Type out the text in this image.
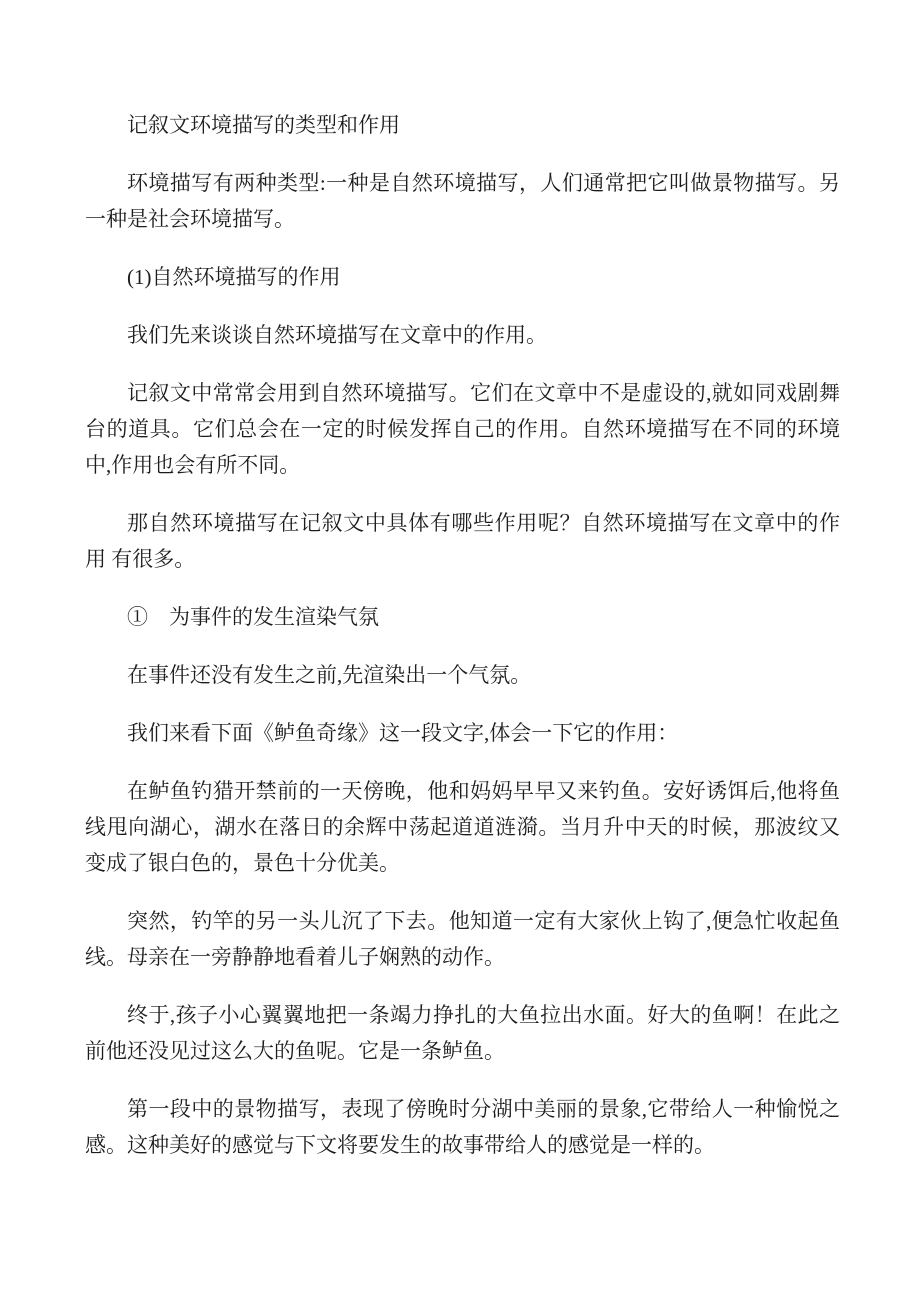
记叙文环境描写的类型和作用

环境描写有两种类型:一种是自然环境描写，人们通常把它叫做景物描写。另一种是社会环境描写。

(1)自然环境描写的作用

我们先来谈谈自然环境描写在文章中的作用。

记叙文中常常会用到自然环境描写。它们在文章中不是虚设的,就如同戏剧舞台的道具。它们总会在一定的时候发挥自己的作用。自然环境描写在不同的环境中,作用也会有所不同。

那自然环境描写在记叙文中具体有哪些作用呢？自然环境描写在文章中的作用 有很多。

①　为事件的发生渲染气氛

在事件还没有发生之前,先渲染出一个气氛。

我们来看下面《鲈鱼奇缘》这一段文字,体会一下它的作用：

在鲈鱼钓猎开禁前的一天傍晚，他和妈妈早早又来钓鱼。安好诱饵后,他将鱼线甩向湖心，湖水在落日的余辉中荡起道道涟漪。当月升中天的时候，那波纹又变成了银白色的，景色十分优美。

突然，钓竿的另一头儿沉了下去。他知道一定有大家伙上钩了,便急忙收起鱼线。母亲在一旁静静地看着儿子娴熟的动作。

终于,孩子小心翼翼地把一条竭力挣扎的大鱼拉出水面。好大的鱼啊！在此之前他还没见过这么大的鱼呢。它是一条鲈鱼。

第一段中的景物描写，表现了傍晚时分湖中美丽的景象,它带给人一种愉悦之感。这种美好的感觉与下文将要发生的故事带给人的感觉是一样的。
